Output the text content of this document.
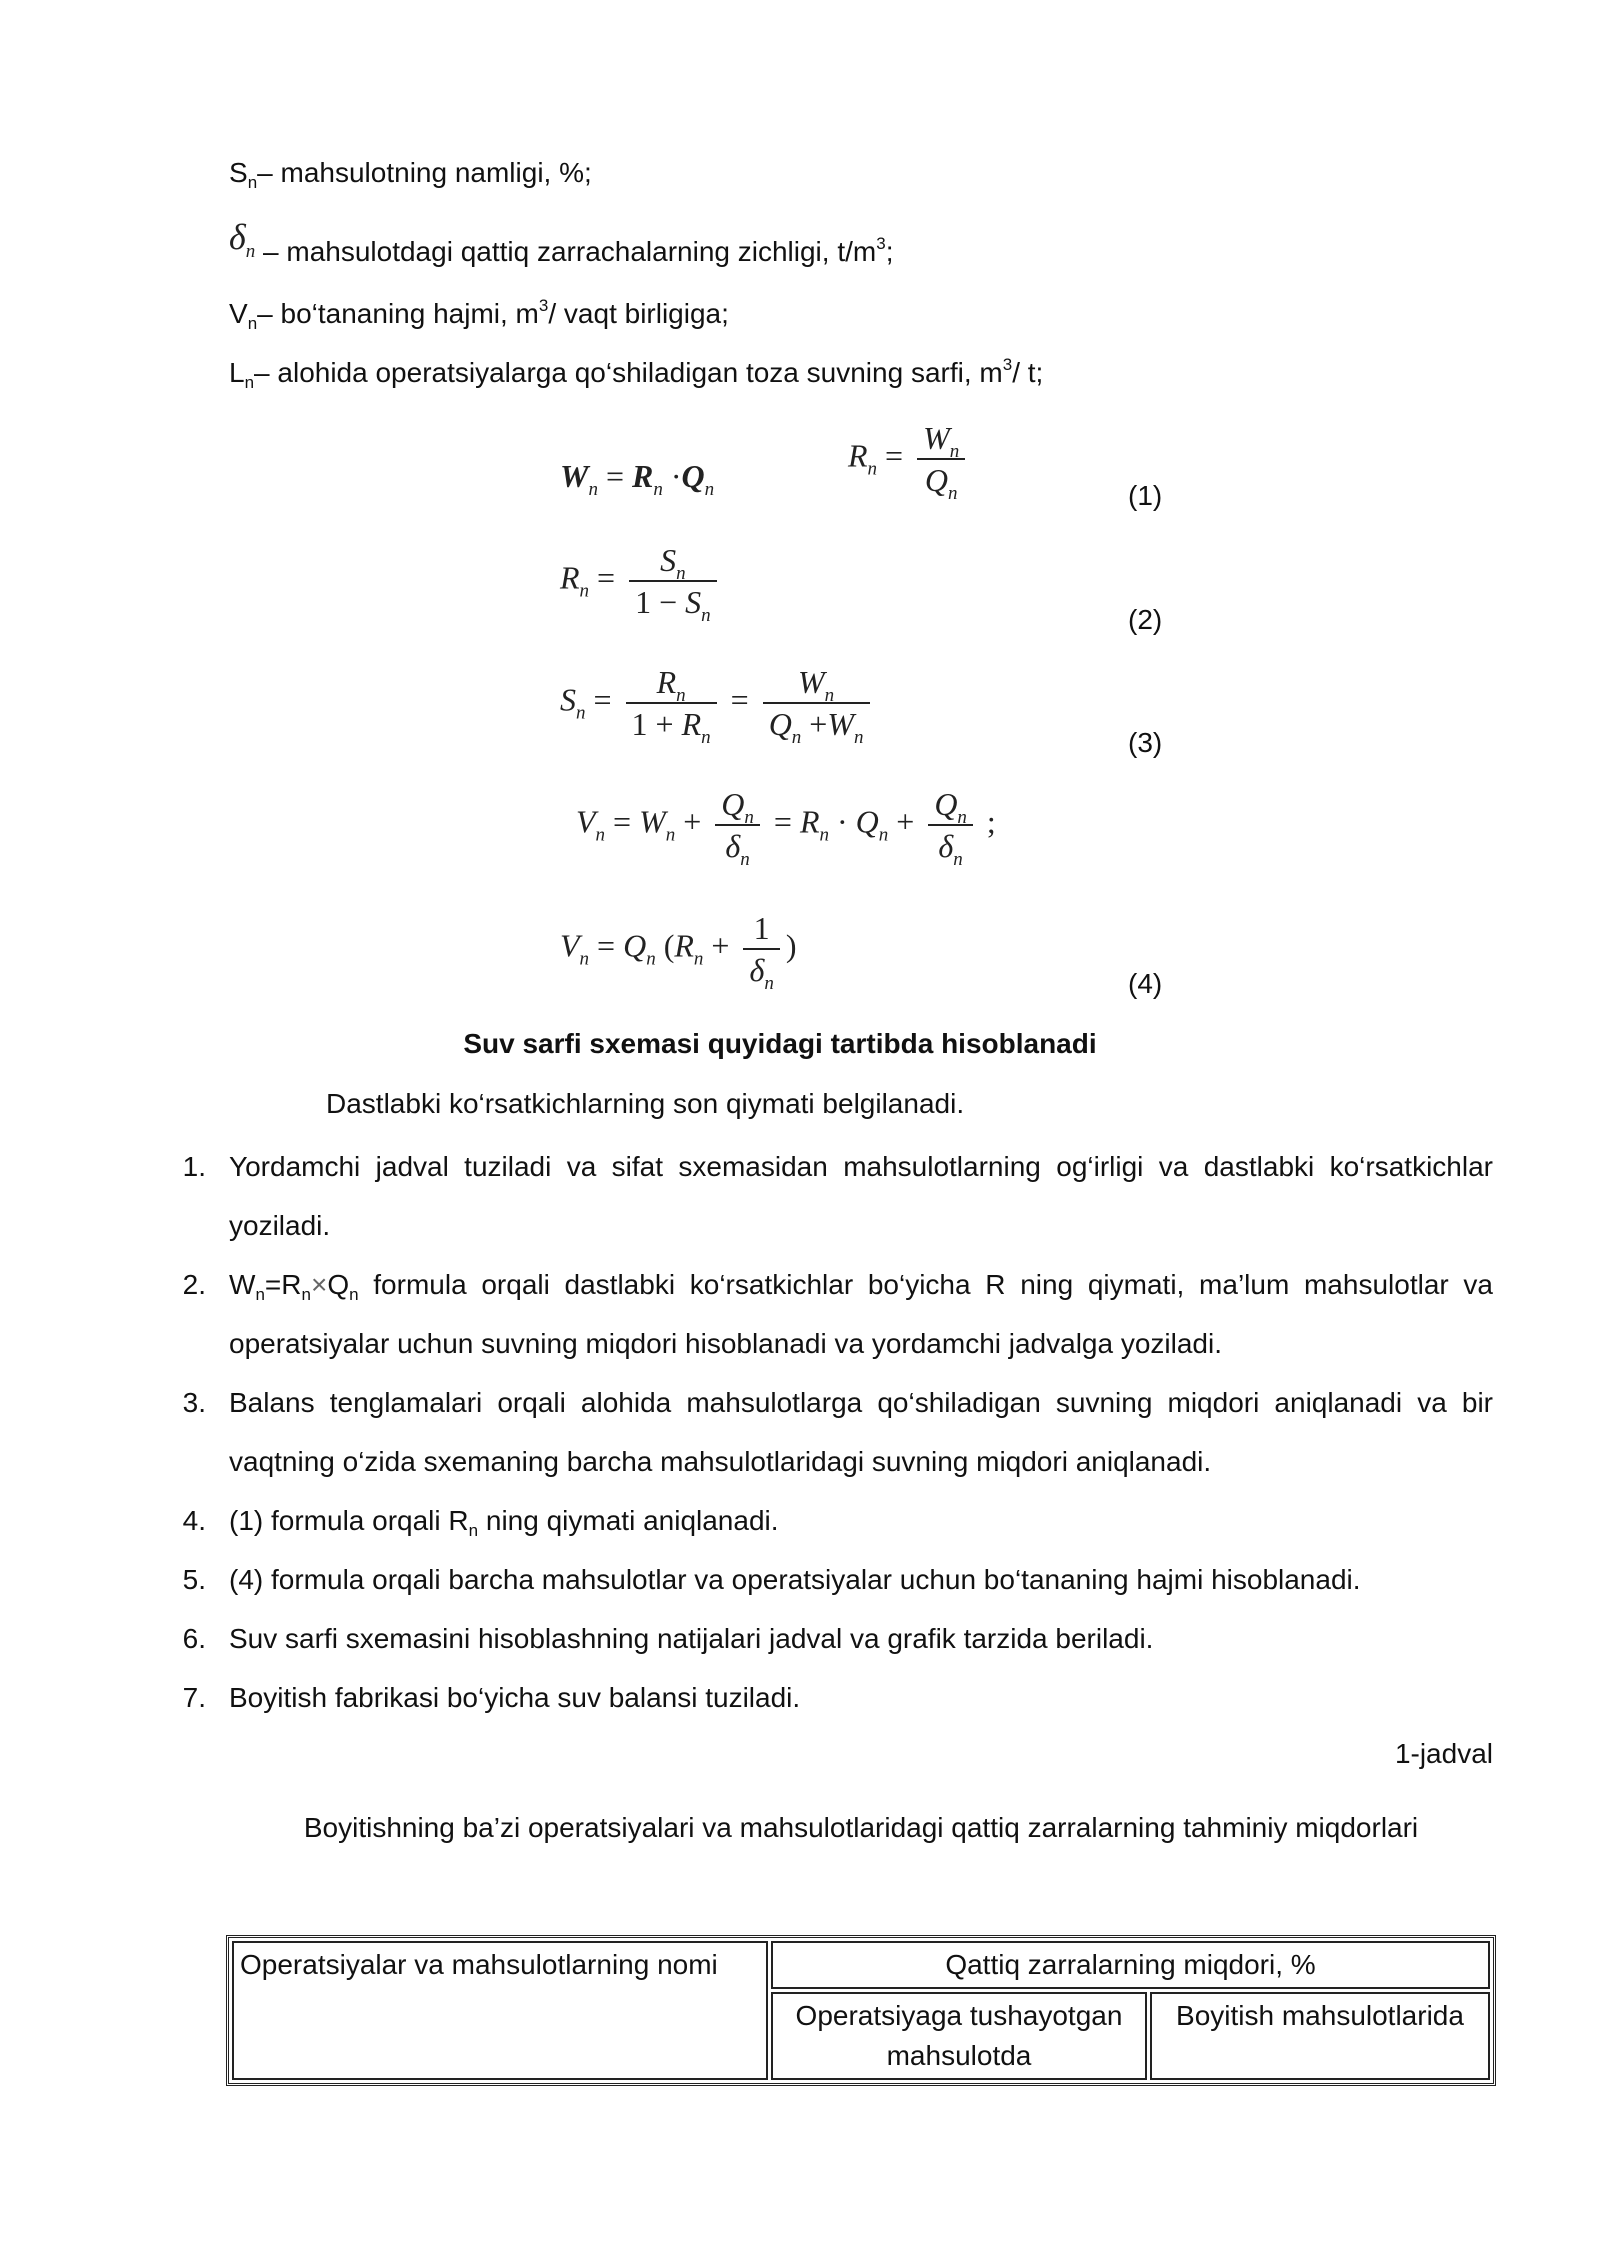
$S_n-$ mahsulotning namligi, %;
$\delta_n$ – mahsulotdagi qattiq zarrachalarning zichligi, $t/m^3$;
$V_n-$ bo‘tananing hajmi, $m^3/$ vaqt birligiga;
$L_n-$ alohida operatsiyalarga qo‘shiladigan toza suvning sarfi, $m^3/$ t;
$W_n = R_n \cdot Q_n$
$R_n = \frac{W_n}{Q_n}$	(1)
$R_n = \frac{S_n}{1 - S_n}$	(2)
$S_n = \frac{R_n}{1 + R_n} = \frac{W_n}{Q_n +W_n}$	(3)
$V_n = W_n + \frac{Q_n}{\delta_n} = R_n \cdot Q_n + \frac{Q_n}{\delta_n}$ ;
$V_n = Q_n$ ($R_n + \frac{1}{\delta_n}$ )
(4)
Suv sarfi sxemasi quyidagi tartibda hisoblanadi
Dastlabki ko‘rsatkichlarning son qiymati belgilanadi.
1. Yordamchi jadval tuziladi va sifat sxemasidan mahsulotlarning og‘irligi va dastlabki ko‘rsatkichlar yoziladi.
2. $W_n=R_n\times Q_n$ formula orqali dastlabki ko‘rsatkichlar bo‘yicha R ning qiymati, ma’lum mahsulotlar va operatsiyalar uchun suvning miqdori hisoblanadi va yordamchi jadvalga yoziladi.
3. Balans tenglamalari orqali alohida mahsulotlarga qo‘shiladigan suvning miqdori aniqlanadi va bir vaqtning o‘zida sxemaning barcha mahsulotlaridagi suvning miqdori aniqlanadi.
4. (1) formula orqali $R_n$ ning qiymati aniqlanadi.
5. (4) formula orqali barcha mahsulotlar va operatsiyalar uchun bo‘tananing hajmi hisoblanadi.
6. Suv sarfi sxemasini hisoblashning natijalari jadval va grafik tarzida beriladi.
7. Boyitish fabrikasi bo‘yicha suv balansi tuziladi.
1-jadval
Boyitishning ba’zi operatsiyalari va mahsulotlaridagi qattiq zarralarning tahminiy miqdorlari
Operatsiyalar va mahsulotlarning nomi	Qattiq zarralarning miqdori, %	
	Operatsiyaga tushayotgan mahsulotda	Boyitish mahsulotlarida
